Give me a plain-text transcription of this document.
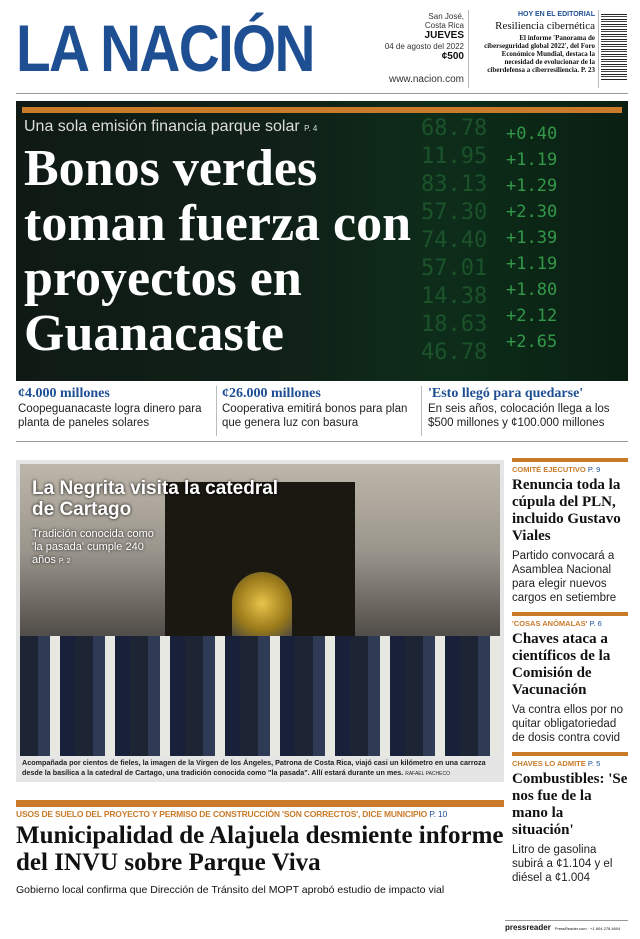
LA NACIÓN	San José,
Costa Rica
JUEVES
04 de agosto del 2022
¢500
www.nacion.com
HOY EN EL EDITORIAL
Resiliencia cibernética
El informe 'Panorama de ciberseguridad global 2022', del Foro Económico Mundial, destaca la necesidad de evolucionar de la ciberdefensa a ciberresiliencia. P. 23
68.78
11.95
83.13
57.30
74.40
57.01
14.38
18.63
46.78
+0.40
+1.19
+1.29
+2.30
+1.39
+1.19
+1.80
+2.12
+2.65
Una sola emisión financia parque solar P. 4
Bonos verdes toman fuerza con proyectos en Guanacaste
¢4.000 millones
Coopeguanacaste logra dinero para planta de paneles solares
¢26.000 millones
Cooperativa emitirá bonos para plan que genera luz con basura
'Esto llegó para quedarse'
En seis años, colocación llega a los $500 millones y ¢100.000 millones
La Negrita visita la catedral de Cartago
Tradición conocida como 'la pasada' cumple 240 años P. 2
Acompañada por cientos de fieles, la imagen de la Virgen de los Ángeles, Patrona de Costa Rica, viajó casi un kilómetro en una carroza desde la basílica a la catedral de Cartago, una tradición conocida como "la pasada". Allí estará durante un mes. RAFAEL PACHECO
USOS DE SUELO DEL PROYECTO Y PERMISO DE CONSTRUCCIÓN 'SON CORRECTOS', DICE MUNICIPIO P. 10
Municipalidad de Alajuela desmiente informe del INVU sobre Parque Viva
Gobierno local confirma que Dirección de Tránsito del MOPT aprobó estudio de impacto vial
COMITÉ EJECUTIVO P. 9
Renuncia toda la cúpula del PLN, incluido Gustavo Viales
Partido convocará a Asamblea Nacional para elegir nuevos cargos en setiembre
'COSAS ANÓMALAS' P. 6
Chaves ataca a científicos de la Comisión de Vacunación
Va contra ellos por no quitar obligatoriedad de dosis contra covid
CHAVES LO ADMITE P. 5
Combustibles: 'Se nos fue de la mano la situación'
Litro de gasolina subirá a ¢1.104 y el diésel a ¢1.004
pressreader PressReader.com · +1 604 278 4604
